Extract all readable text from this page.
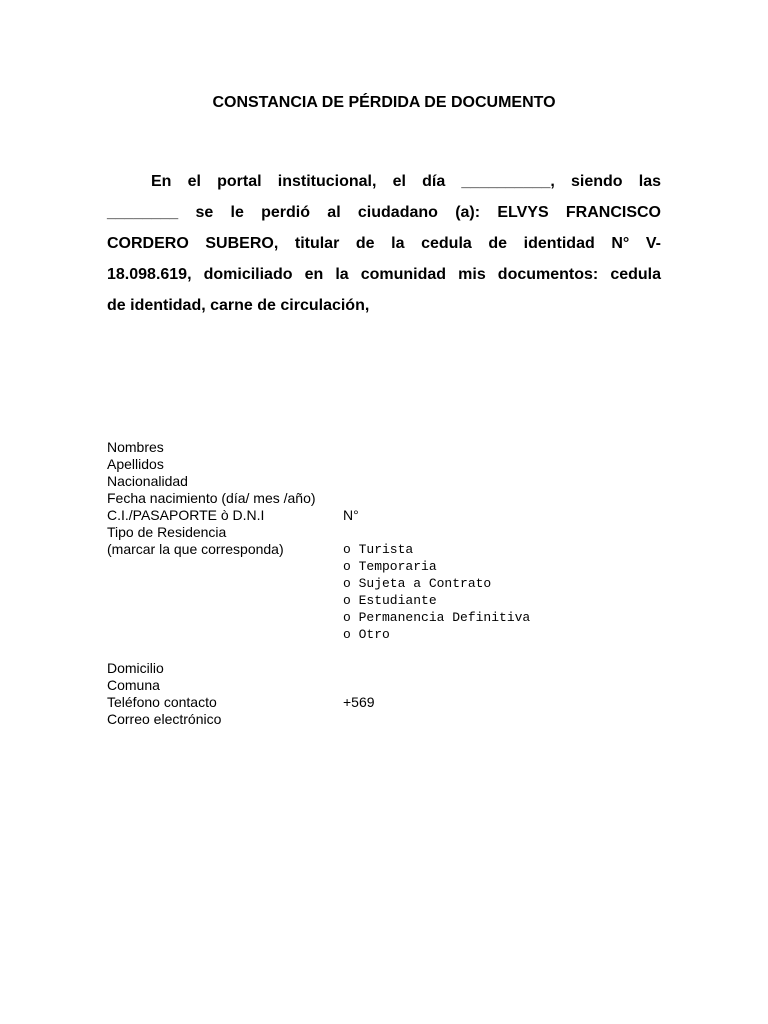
CONSTANCIA DE PÉRDIDA DE DOCUMENTO
En el portal institucional, el día __________, siendo las
________ se le perdió al ciudadano (a): ELVYS FRANCISCO
CORDERO SUBERO, titular de la cedula de identidad N° V-
18.098.619, domiciliado en la comunidad mis documentos: cedula
de identidad, carne de circulación,
Nombres
Apellidos
Nacionalidad
Fecha nacimiento (día/ mes /año)
C.I./PASAPORTE ò D.N.I	N°
Tipo de Residencia
(marcar la que corresponda)	o Turista
o Temporaria
o Sujeta a Contrato
o Estudiante
o Permanencia Definitiva
o Otro
Domicilio
Comuna
Teléfono contacto	+569
Correo electrónico
